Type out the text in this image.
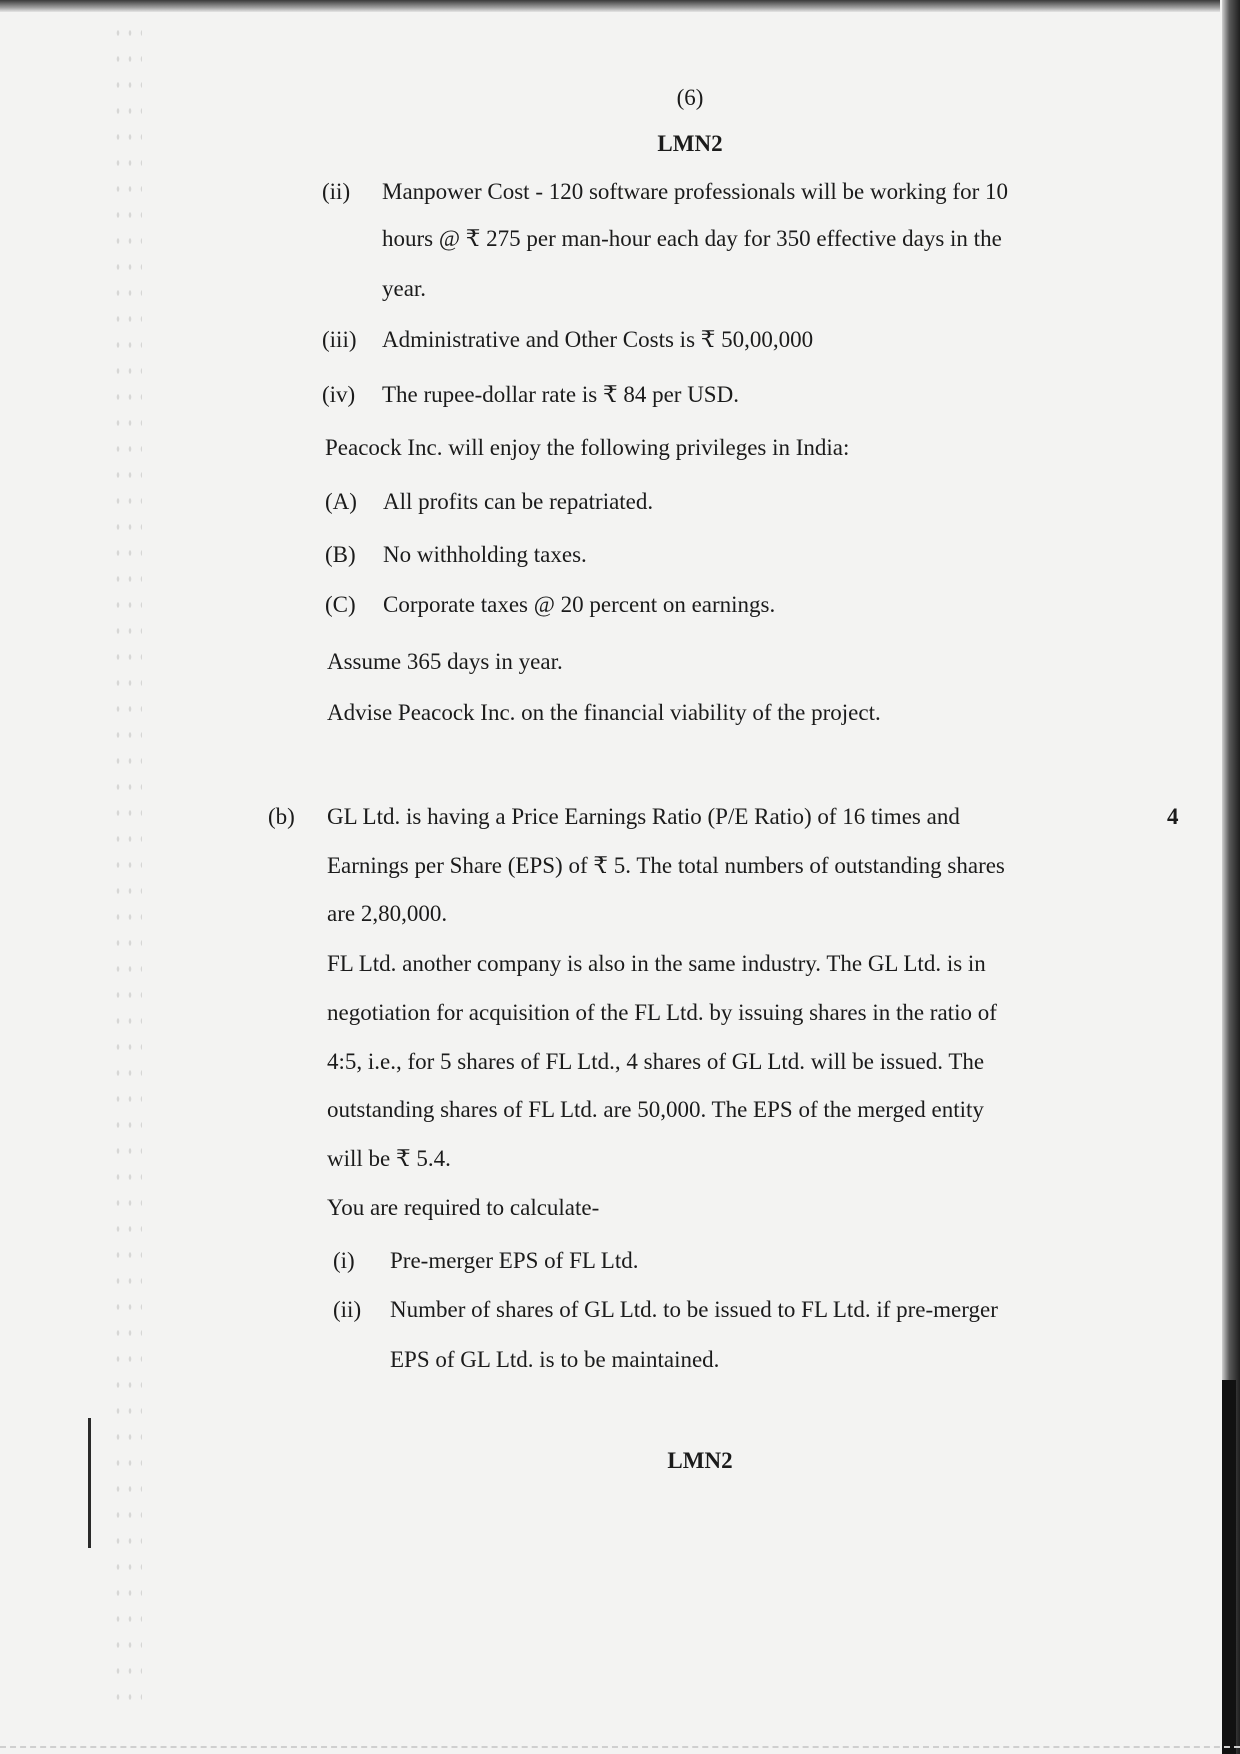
(6)
LMN2
(ii) Manpower Cost - 120 software professionals will be working for 10
hours @ ₹ 275 per man-hour each day for 350 effective days in the
year.
(iii) Administrative and Other Costs is ₹ 50,00,000
(iv) The rupee-dollar rate is ₹ 84 per USD.
Peacock Inc. will enjoy the following privileges in India:
(A) All profits can be repatriated.
(B) No withholding taxes.
(C) Corporate taxes @ 20 percent on earnings.
Assume 365 days in year.
Advise Peacock Inc. on the financial viability of the project.
(b) GL Ltd. is having a Price Earnings Ratio (P/E Ratio) of 16 times and	4
Earnings per Share (EPS) of ₹ 5. The total numbers of outstanding shares
are 2,80,000.
FL Ltd. another company is also in the same industry. The GL Ltd. is in
negotiation for acquisition of the FL Ltd. by issuing shares in the ratio of
4:5, i.e., for 5 shares of FL Ltd., 4 shares of GL Ltd. will be issued. The
outstanding shares of FL Ltd. are 50,000. The EPS of the merged entity
will be ₹ 5.4.
You are required to calculate-
(i) Pre-merger EPS of FL Ltd.
(ii) Number of shares of GL Ltd. to be issued to FL Ltd. if pre-merger
EPS of GL Ltd. is to be maintained.
LMN2
